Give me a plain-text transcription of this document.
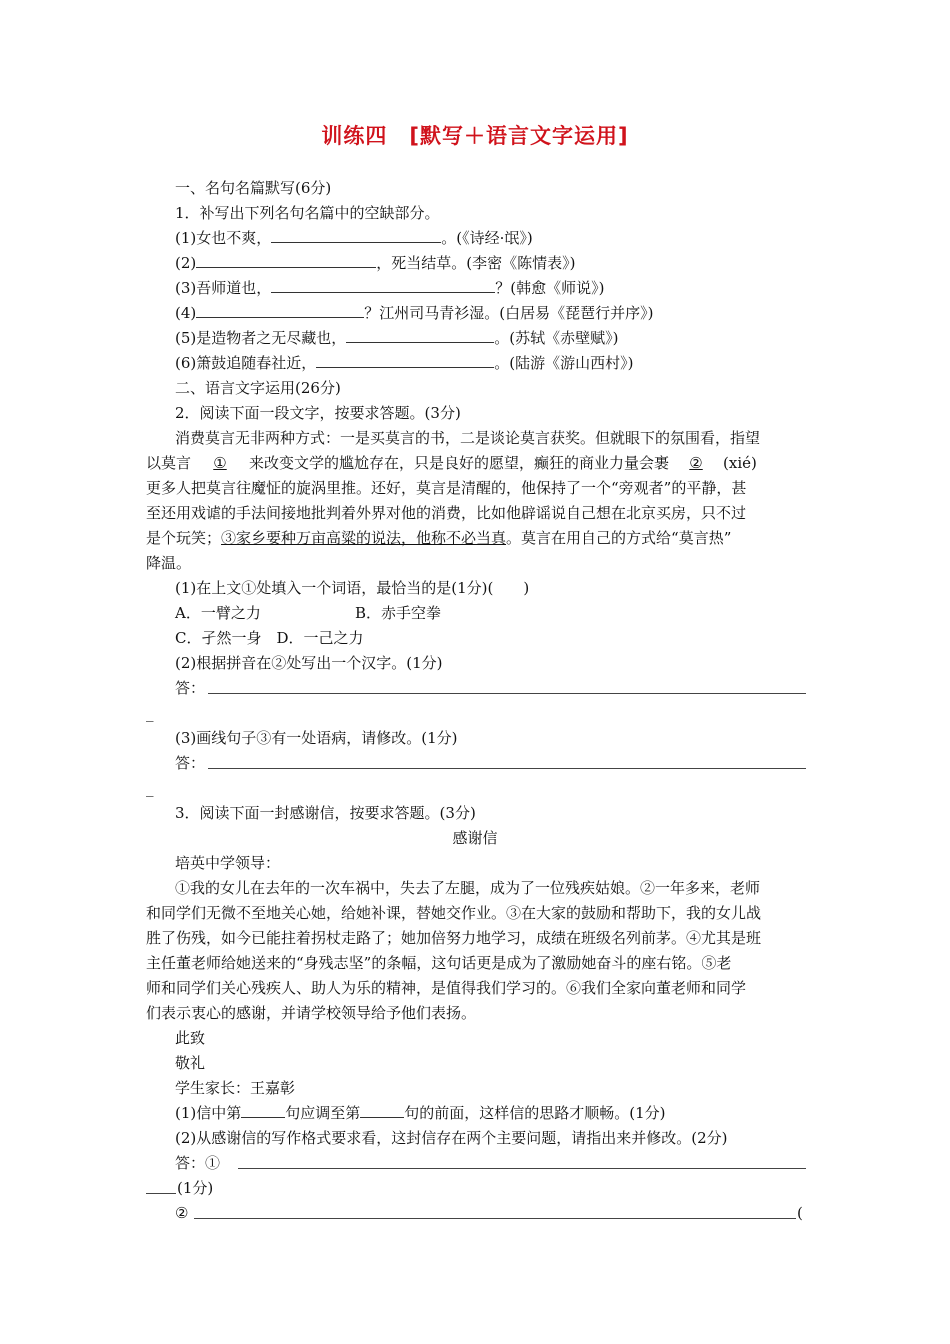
训练四　[默写＋语言文字运用]
一、名句名篇默写(6分)
1．补写出下列名句名篇中的空缺部分。
(1)女也不爽，	。(《诗经·氓》)
(2)	，死当结草。(李密《陈情表》)
(3)吾师道也，	？(韩愈《师说》)
(4)	？江州司马青衫湿。(白居易《琵琶行并序》)
(5)是造物者之无尽藏也，	。(苏轼《赤壁赋》)
(6)箫鼓追随春社近，	。(陆游《游山西村》)
二、语言文字运用(26分)
2．阅读下面一段文字，按要求答题。(3分)
消费莫言无非两种方式：一是买莫言的书，二是谈论莫言获奖。但就眼下的氛围看，指望
以莫言 ① 来改变文学的尴尬存在，只是良好的愿望，癫狂的商业力量会裹 ② (xié)
更多人把莫言往魔怔的旋涡里推。还好，莫言是清醒的，他保持了一个“旁观者”的平静，甚
至还用戏谑的手法间接地批判着外界对他的消费，比如他辟谣说自己想在北京买房，只不过
是个玩笑；③家乡要种万亩高粱的说法，他称不必当真。莫言在用自己的方式给“莫言热”
降温。
(1)在上文①处填入一个词语，最恰当的是(1分)(　　)
A．一臂之力	B．赤手空拳
C．孑然一身　D．一己之力
(2)根据拼音在②处写出一个汉字。(1分)
答：
_
(3)画线句子③有一处语病，请修改。(1分)
答：
_
3．阅读下面一封感谢信，按要求答题。(3分)
感谢信
培英中学领导：
①我的女儿在去年的一次车祸中，失去了左腿，成为了一位残疾姑娘。②一年多来，老师
和同学们无微不至地关心她，给她补课，替她交作业。③在大家的鼓励和帮助下，我的女儿战
胜了伤残，如今已能拄着拐杖走路了；她加倍努力地学习，成绩在班级名列前茅。④尤其是班
主任董老师给她送来的“身残志坚”的条幅，这句话更是成为了激励她奋斗的座右铭。⑤老
师和同学们关心残疾人、助人为乐的精神，是值得我们学习的。⑥我们全家向董老师和同学
们表示衷心的感谢，并请学校领导给予他们表扬。
此致
敬礼
学生家长：王嘉彰
(1)信中第	句应调至第	句的前面，这样信的思路才顺畅。(1分)
(2)从感谢信的写作格式要求看，这封信存在两个主要问题，请指出来并修改。(2分)
答：①
(1分)
②	(
